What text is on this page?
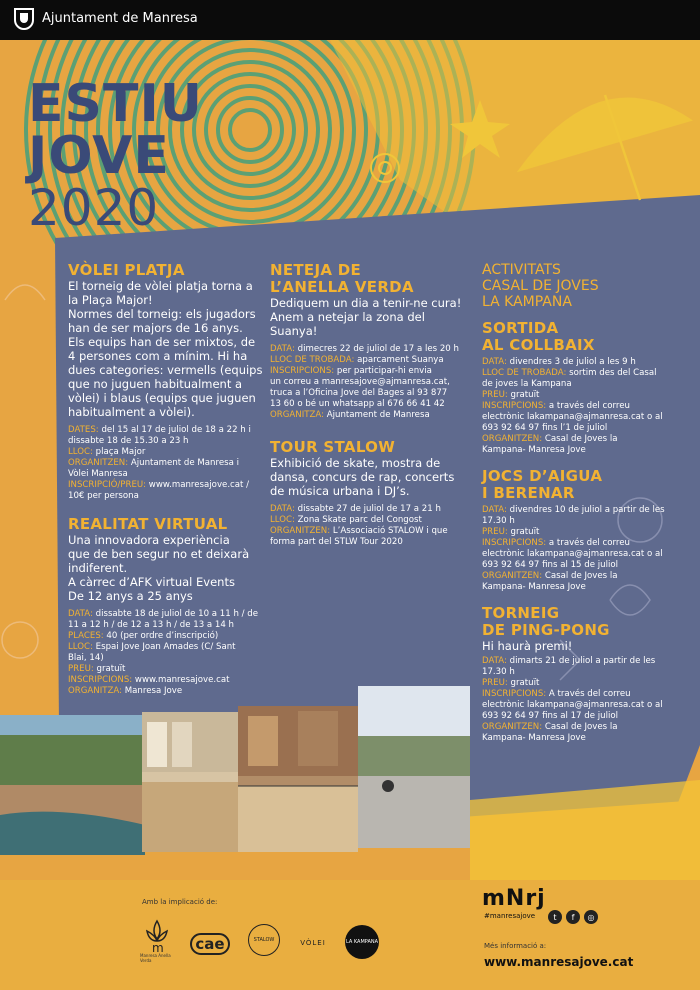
Ajuntament de Manresa
ESTIU
JOVE
2020

VÒLEI PLATJA

El torneig de vòlei platja torna a

la Plaça Major!

Normes del torneig: els jugadors

han de ser majors de 16 anys.

Els equips han de ser mixtos, de

4 persones com a mínim. Hi ha

dues categories: vermells (equips

que no juguen habitualment a

vòlei) i blaus (equips que juguen

habitualment a vòlei).

DATES: del 15 al 17 de juliol de 18 a 22 h i

dissabte 18 de 15.30 a 23 h

LLOC: plaça Major

ORGANITZEN: Ajuntament de Manresa i

Vòlei Manresa

INSCRIPCIÓ/PREU: www.manresajove.cat /

10€ per persona

REALITAT VIRTUAL

Una innovadora experiència

que de ben segur no et deixarà

indiferent.

A càrrec d’AFK virtual Events

De 12 anys a 25 anys

DATA: dissabte 18 de juliol de 10 a 11 h / de

11 a 12 h / de 12 a 13 h / de 13 a 14 h

PLACES: 40 (per ordre d’inscripció)

LLOC: Espai Jove Joan Amades (C/ Sant

Blai, 14)

PREU: gratuït

INSCRIPCIONS: www.manresajove.cat

ORGANITZA: Manresa Jove

NETEJA DE

L’ANELLA VERDA

Dediquem un dia a tenir-ne cura!

Anem a netejar la zona del

Suanya!

DATA: dimecres 22 de juliol de 17 a les 20 h

LLOC DE TROBADA: aparcament Suanya

INSCRIPCIONS: per participar-hi envia

un correu a manresajove@ajmanresa.cat,

truca a l’Oficina Jove del Bages al 93 877

13 60 o bé un whatsapp al 676 66 41 42

ORGANITZA: Ajuntament de Manresa

TOUR STALOW

Exhibició de skate, mostra de

dansa, concurs de rap, concerts

de música urbana i DJ’s.

DATA: dissabte 27 de juliol de 17 a 21 h

LLOC: Zona Skate parc del Congost

ORGANITZEN: L’Associació STALOW i que

forma part del STLW Tour 2020

ACTIVITATS

CASAL DE JOVES

LA KAMPANA

SORTIDA

AL COLLBAIX

DATA: divendres 3 de juliol a les 9 h

LLOC DE TROBADA: sortim des del Casal

de joves la Kampana

PREU: gratuït

INSCRIPCIONS: a través del correu

electrònic lakampana@ajmanresa.cat o al

693 92 64 97 fins l’1 de juliol

ORGANITZEN: Casal de Joves la

Kampana- Manresa Jove

JOCS D’AIGUA

I BERENAR

DATA: divendres 10 de juliol a partir de les

17.30 h

PREU: gratuït

INSCRIPCIONS: a través del correu

electrònic lakampana@ajmanresa.cat o al

693 92 64 97 fins al 15 de juliol

ORGANITZEN: Casal de Joves la

Kampana- Manresa Jove

TORNEIG

DE PING-PONG

Hi haurà premi!

DATA: dimarts 21 de juliol a partir de les

17.30 h

PREU: gratuït

INSCRIPCIONS: A través del correu

electrònic lakampana@ajmanresa.cat o al

693 92 64 97 fins al 17 de juliol

ORGANITZEN: Casal de Joves la

Kampana- Manresa Jove

Amb la implicació de:
m
Manresa Anella Verda
cae	STALOW	VÒLEI	LA KAMPANA
mNrj
#manresajove	t	f	◎
Més informació a:
www.manresajove.cat
